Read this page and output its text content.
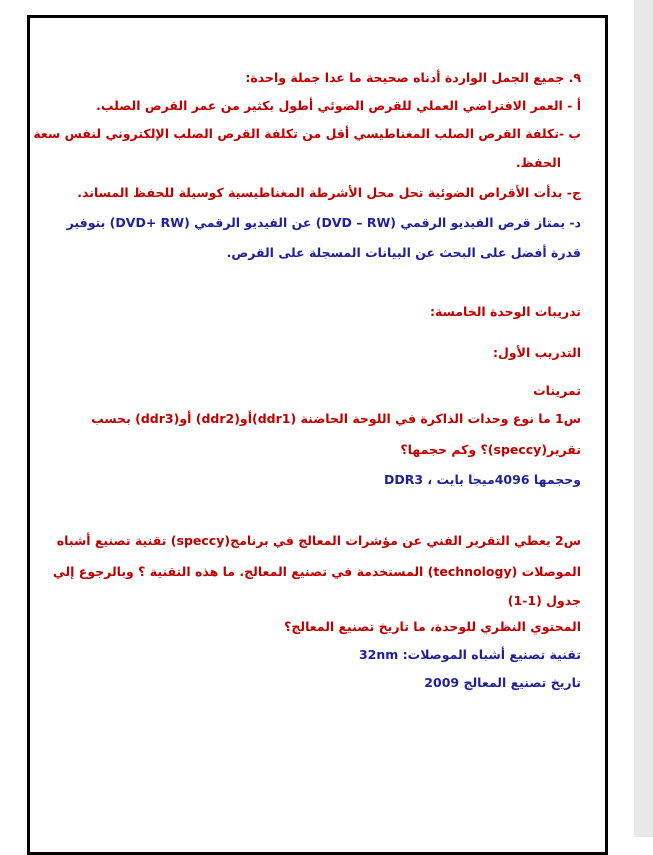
٩. جميع الجمل الواردة أدناه صحيحة ما عدا جملة واحدة:
أ - العمر الافتراضي العملي للقرص الضوئي أطول بكثير من عمر القرص الصلب.
ب -تكلفة القرص الصلب المغناطيسي أقل من تكلفة القرص الصلب الإلكتروني لنفس سعة
الحفظ.
ج- بدأت الأقراص الضوئية تحل محل الأشرطة المغناطيسية كوسيلة للحفظ المساند.
د- يمتاز قرص الفيديو الرقمي (DVD – RW) عن الفيديو الرقمي (DVD+ RW) بتوفير
قدرة أفضل على البحث عن البيانات المسجلة على القرص.
تدريبات الوحدة الخامسة:
التدريب الأول:
تمرينات
س1 ما نوع وحدات الذاكرة في اللوحة الحاضنة (ddr1)أو(ddr2) أو(ddr3) بحسب
تقرير(speccy)؟ وكم حجمها؟
DDR3 ، وحجمها 4096ميجا بايت
س2 يعطي التقرير الفني عن مؤشرات المعالج في برنامج(speccy) تقنية تصنيع أشباه
الموصلات (technology) المستخدمة في تصنيع المعالج. ما هذه التقنية ؟ وبالرجوع إلي
جدول (1-1)
المحتوي النظري للوحدة، ما تاريخ تصنيع المعالج؟
تقنية تصنيع أشباه الموصلات: 32nm
تاريخ تصنيع المعالج 2009
